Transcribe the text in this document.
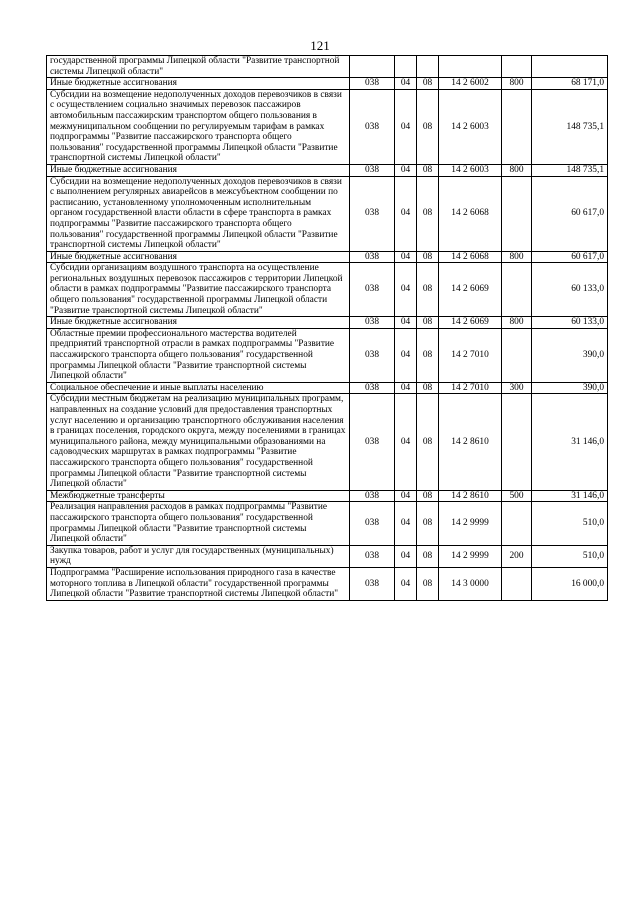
121
государственной программы Липецкой области "Развитие транспортной системы Липецкой области"						
Иные бюджетные ассигнования	038	04	08	14 2 6002	800	68 171,0
Субсидии на возмещение недополученных доходов перевозчиков в связи с осуществлением социально значимых перевозок пассажиров автомобильным пассажирским транспортом общего пользования в межмуниципальном сообщении по регулируемым тарифам в рамках подпрограммы "Развитие пассажирского транспорта общего пользования" государственной программы Липецкой области "Развитие транспортной системы Липецкой области"	038	04	08	14 2 6003		148 735,1
Иные бюджетные ассигнования	038	04	08	14 2 6003	800	148 735,1
Субсидии на возмещение недополученных доходов перевозчиков в связи с выполнением регулярных авиарейсов в межсубъектном сообщении по расписанию, установленному уполномоченным исполнительным органом государственной власти области в сфере транспорта в рамках подпрограммы "Развитие пассажирского транспорта общего пользования" государственной программы Липецкой области "Развитие транспортной системы Липецкой области"	038	04	08	14 2 6068		60 617,0
Иные бюджетные ассигнования	038	04	08	14 2 6068	800	60 617,0
Субсидии организациям воздушного транспорта на осуществление региональных воздушных перевозок пассажиров с территории Липецкой области в рамках подпрограммы "Развитие пассажирского транспорта общего пользования" государственной программы Липецкой области "Развитие транспортной системы Липецкой области"	038	04	08	14 2 6069		60 133,0
Иные бюджетные ассигнования	038	04	08	14 2 6069	800	60 133,0
Областные премии профессионального мастерства водителей предприятий транспортной отрасли в рамках подпрограммы "Развитие пассажирского транспорта общего пользования" государственной программы Липецкой области "Развитие транспортной системы Липецкой области"	038	04	08	14 2 7010		390,0
Социальное обеспечение и иные выплаты населению	038	04	08	14 2 7010	300	390,0
Субсидии местным бюджетам на реализацию муниципальных программ, направленных на создание условий для предоставления транспортных услуг населению и организацию транспортного обслуживания населения в границах поселения, городского округа, между поселениями в границах муниципального района, между муниципальными образованиями на садоводческих маршрутах в рамках подпрограммы "Развитие пассажирского транспорта общего пользования" государственной программы Липецкой области "Развитие транспортной системы Липецкой области"	038	04	08	14 2 8610		31 146,0
Межбюджетные трансферты	038	04	08	14 2 8610	500	31 146,0
Реализация направления расходов в рамках подпрограммы "Развитие пассажирского транспорта общего пользования" государственной программы Липецкой области "Развитие транспортной системы Липецкой области"	038	04	08	14 2 9999		510,0
Закупка товаров, работ и услуг для государственных (муниципальных) нужд	038	04	08	14 2 9999	200	510,0
Подпрограмма "Расширение использования природного газа в качестве моторного топлива в Липецкой области" государственной программы Липецкой области "Развитие транспортной системы Липецкой области"	038	04	08	14 3 0000		16 000,0
